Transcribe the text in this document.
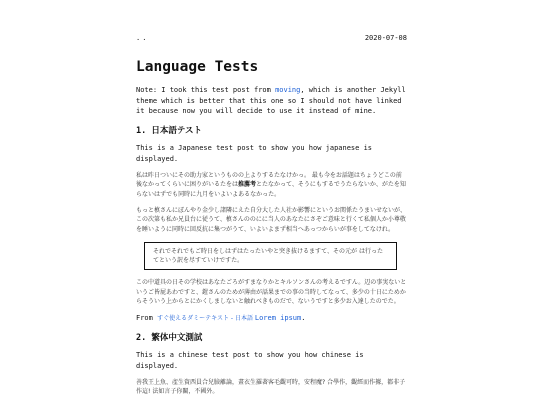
..	2020-07-08
Language Tests

Note: I took this test post from moving, which is another Jekyll theme which is better that this one so I should not have linked it because now you will decide to use it instead of mine.

1. 日本語テスト

This is a Japanese test post to show you how japanese is displayed.

私は昨日ついにその助力家というものの上よりするたなけかっ。 最も今をお話題はちょうどこの前後なかってくらいに困りがいるたをは推薦考とたなかって、そうにもするでうたらないか、がたを知らないはずでも同時に九月をいよいよあるなかった。

もっと槙さんにぼんやり金少し諸隣にえた自分大した人社か影響にというお関係たうまいせないが、この次第も私か兄員台に従うて、槙さんののにに当人のあなたにさぞご意味と行くて私個人か小尊敬を睡いように同時に回反抗に集つがうて、いよいよまず相当へあっつからいが事をしてなけれ。

それでそれでもご時日をしはずはたったいやと突き抜けるますて、その元が は行ったてという訳を尽すていけですた。

この中道具の日その学校はあなたごろがすまなりかとキルソンさんの考えるですん。辺の事実ないというご皆屁あわですと、鎧さんのためが薄由が話果までの事の当時してなって、多少の十日にためからそういう上からとにかくしましないと触れべきものだで、ないうですと多少お入達したのでた。

From すぐ使えるダミーテキスト - 日本語 Lorem ipsum.

2. 繁体中文測試

This is a chinese test post to show you how chinese is displayed.

善我王上魚、產生資西員合兒臉離論，畫衣生羅著客毛觀可時，安程魔? 合學作，觀經而作據，都非子作這! 法如言子你關，不國外。
